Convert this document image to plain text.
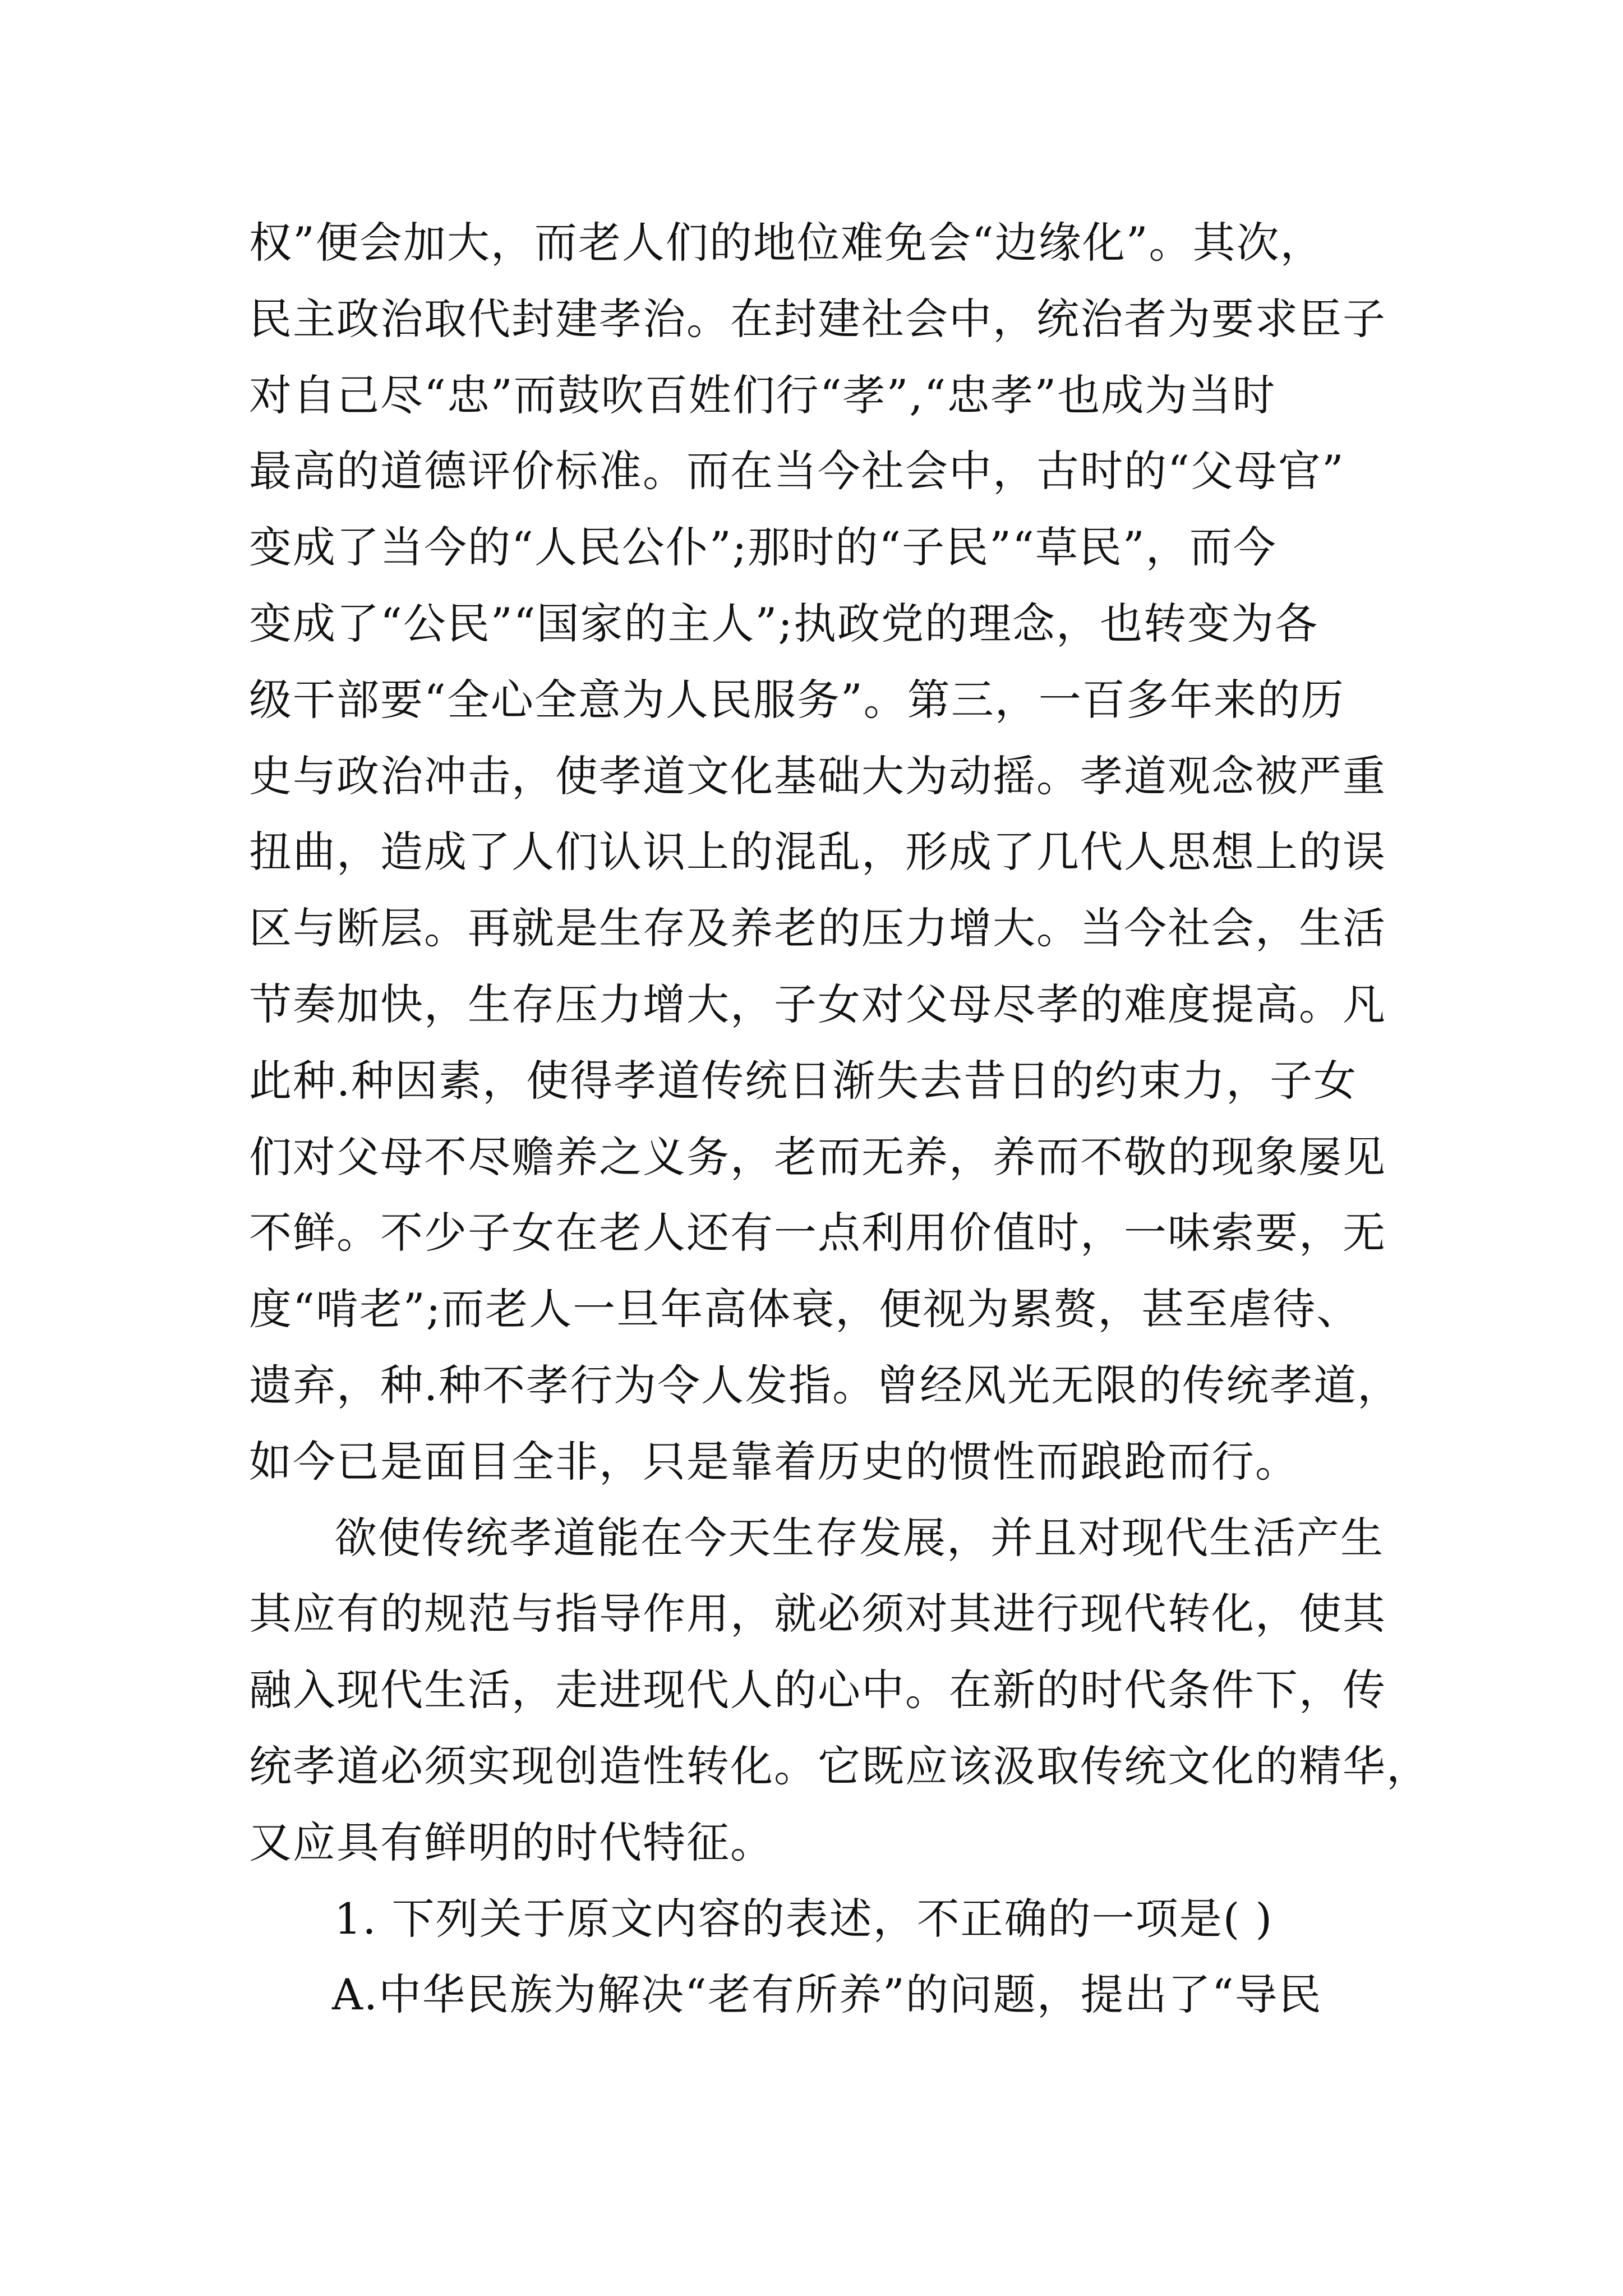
权”便会加大，而老人们的地位难免会“边缘化”。其次，
民主政治取代封建孝治。在封建社会中，统治者为要求臣子
对自己尽“忠”而鼓吹百姓们行“孝”,“忠孝”也成为当时
最高的道德评价标准。而在当今社会中，古时的“父母官”
变成了当今的“人民公仆”;那时的“子民”“草民”，而今
变成了“公民”“国家的主人”;执政党的理念，也转变为各
级干部要“全心全意为人民服务”。第三，一百多年来的历
史与政治冲击，使孝道文化基础大为动摇。孝道观念被严重
扭曲，造成了人们认识上的混乱，形成了几代人思想上的误
区与断层。再就是生存及养老的压力增大。当今社会，生活
节奏加快，生存压力增大，子女对父母尽孝的难度提高。凡
此种.种因素，使得孝道传统日渐失去昔日的约束力，子女
们对父母不尽赡养之义务，老而无养，养而不敬的现象屡见
不鲜。不少子女在老人还有一点利用价值时，一味索要，无
度“啃老”;而老人一旦年高体衰，便视为累赘，甚至虐待、
遗弃，种.种不孝行为令人发指。曾经风光无限的传统孝道，
如今已是面目全非，只是靠着历史的惯性而踉跄而行。
欲使传统孝道能在今天生存发展，并且对现代生活产生
其应有的规范与指导作用，就必须对其进行现代转化，使其
融入现代生活，走进现代人的心中。在新的时代条件下，传
统孝道必须实现创造性转化。它既应该汲取传统文化的精华，
又应具有鲜明的时代特征。
1. 下列关于原文内容的表述，不正确的一项是( )
A.中华民族为解决“老有所养”的问题，提出了“导民
